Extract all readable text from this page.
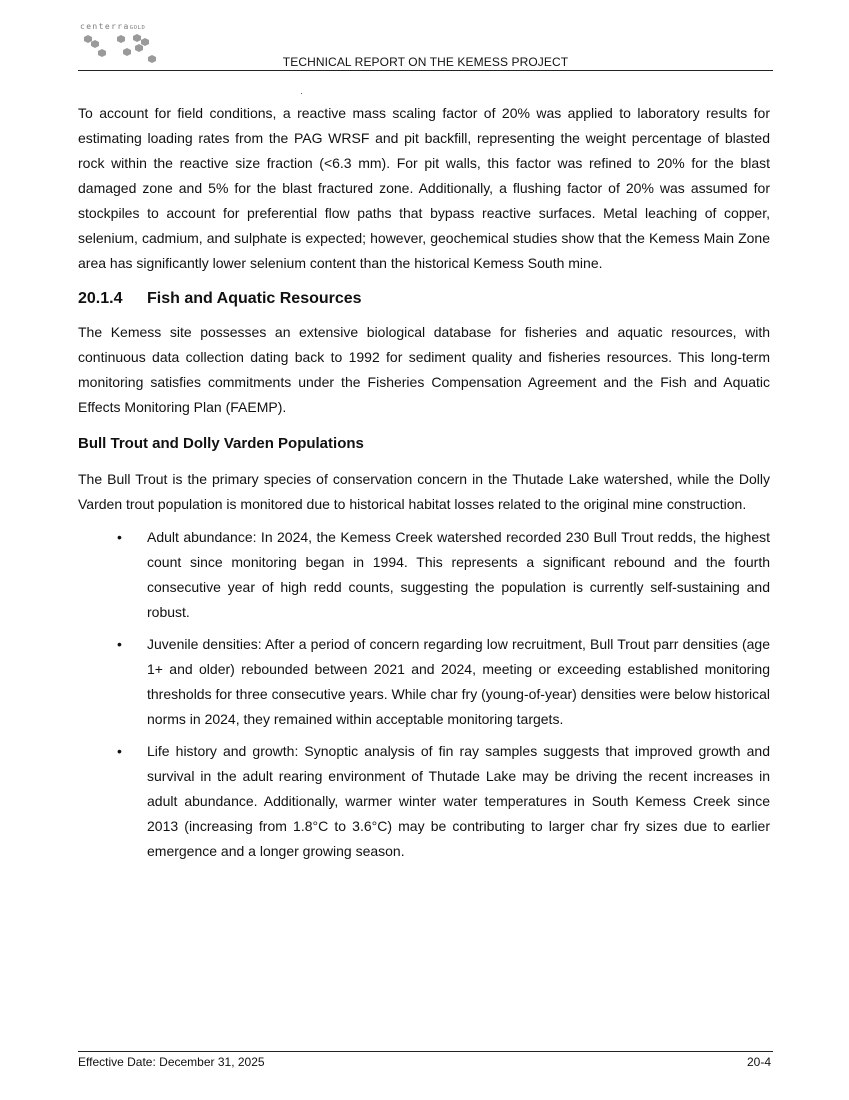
centerraGOLD
TECHNICAL REPORT ON THE KEMESS PROJECT

To account for field conditions, a reactive mass scaling factor of 20% was applied to laboratory results for estimating loading rates from the PAG WRSF and pit backfill, representing the weight percentage of blasted rock within the reactive size fraction (<6.3 mm). For pit walls, this factor was refined to 20% for the blast damaged zone and 5% for the blast fractured zone. Additionally, a flushing factor of 20% was assumed for stockpiles to account for preferential flow paths that bypass reactive surfaces. Metal leaching of copper, selenium, cadmium, and sulphate is expected; however, geochemical studies show that the Kemess Main Zone area has significantly lower selenium content than the historical Kemess South mine.

20.1.4 Fish and Aquatic Resources

The Kemess site possesses an extensive biological database for fisheries and aquatic resources, with continuous data collection dating back to 1992 for sediment quality and fisheries resources. This long-term monitoring satisfies commitments under the Fisheries Compensation Agreement and the Fish and Aquatic Effects Monitoring Plan (FAEMP).

Bull Trout and Dolly Varden Populations

The Bull Trout is the primary species of conservation concern in the Thutade Lake watershed, while the Dolly Varden trout population is monitored due to historical habitat losses related to the original mine construction.

• Adult abundance: In 2024, the Kemess Creek watershed recorded 230 Bull Trout redds, the highest count since monitoring began in 1994. This represents a significant rebound and the fourth consecutive year of high redd counts, suggesting the population is currently self-sustaining and robust.
• Juvenile densities: After a period of concern regarding low recruitment, Bull Trout parr densities (age 1+ and older) rebounded between 2021 and 2024, meeting or exceeding established monitoring thresholds for three consecutive years. While char fry (young-of-year) densities were below historical norms in 2024, they remained within acceptable monitoring targets.
• Life history and growth: Synoptic analysis of fin ray samples suggests that improved growth and survival in the adult rearing environment of Thutade Lake may be driving the recent increases in adult abundance. Additionally, warmer winter water temperatures in South Kemess Creek since 2013 (increasing from 1.8°C to 3.6°C) may be contributing to larger char fry sizes due to earlier emergence and a longer growing season.
Effective Date: December 31, 2025	20-4
